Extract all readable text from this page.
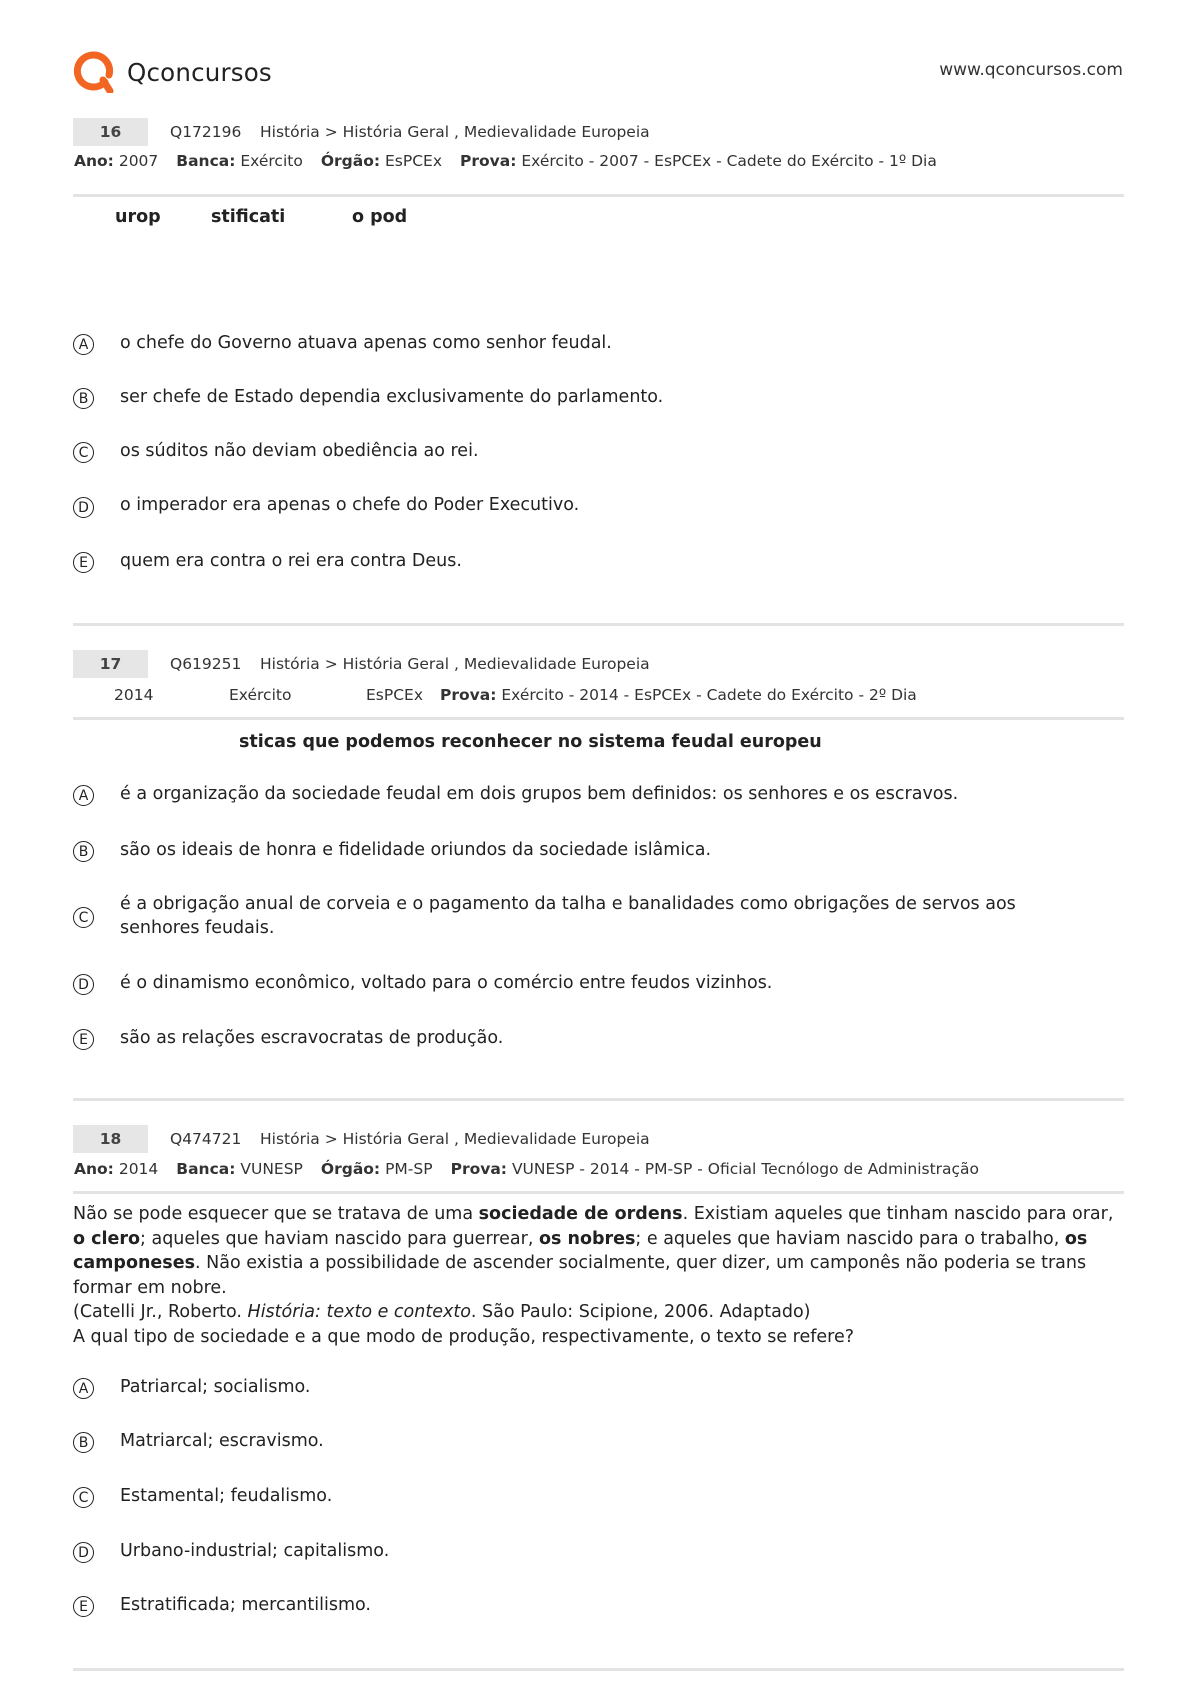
Qconcursos	www.qconcursos.com
16	Q172196 História > História Geral , Medievalidade Europeia
Ano: 2007 Banca: Exército Órgão: EsPCEx Prova: Exército - 2007 - EsPCEx - Cadete do Exército - 1º Dia
urop	stificati	o pod
A	o chefe do Governo atuava apenas como senhor feudal.
B	ser chefe de Estado dependia exclusivamente do parlamento.
C	os súditos não deviam obediência ao rei.
D o imperador era apenas o chefe do Poder Executivo.
E	quem era contra o rei era contra Deus.
17	Q619251 História > História Geral , Medievalidade Europeia
2014	Exército	EsPCEx Prova: Exército - 2014 - EsPCEx - Cadete do Exército - 2º Dia
sticas que podemos reconhecer no sistema feudal europeu
A	é a organização da sociedade feudal em dois grupos bem definidos: os senhores e os escravos.
B	são os ideais de honra e fidelidade oriundos da sociedade islâmica.
C
é a obrigação anual de corveia e o pagamento da talha e banalidades como obrigações de servos aos senhores feudais.
D é o dinamismo econômico, voltado para o comércio entre feudos vizinhos.
E	são as relações escravocratas de produção.
18	Q474721 História > História Geral , Medievalidade Europeia
Ano: 2014 Banca: VUNESP Órgão: PM-SP Prova: VUNESP - 2014 - PM-SP - Oficial Tecnólogo de Administração
Não se pode esquecer que se tratava de uma sociedade de ordens. Existiam aqueles que tinham nascido para orar, o clero; aqueles que haviam nascido para guerrear, os nobres; e aqueles que haviam nascido para o trabalho, os camponeses. Não existia a possibilidade de ascender socialmente, quer dizer, um camponês não poderia se trans formar em nobre.
(Catelli Jr., Roberto. História: texto e contexto. São Paulo: Scipione, 2006. Adaptado)
A qual tipo de sociedade e a que modo de produção, respectivamente, o texto se refere?
A	Patriarcal; socialismo.
B	Matriarcal; escravismo.
C	Estamental; feudalismo.
D Urbano-industrial; capitalismo.
E	Estratificada; mercantilismo.
